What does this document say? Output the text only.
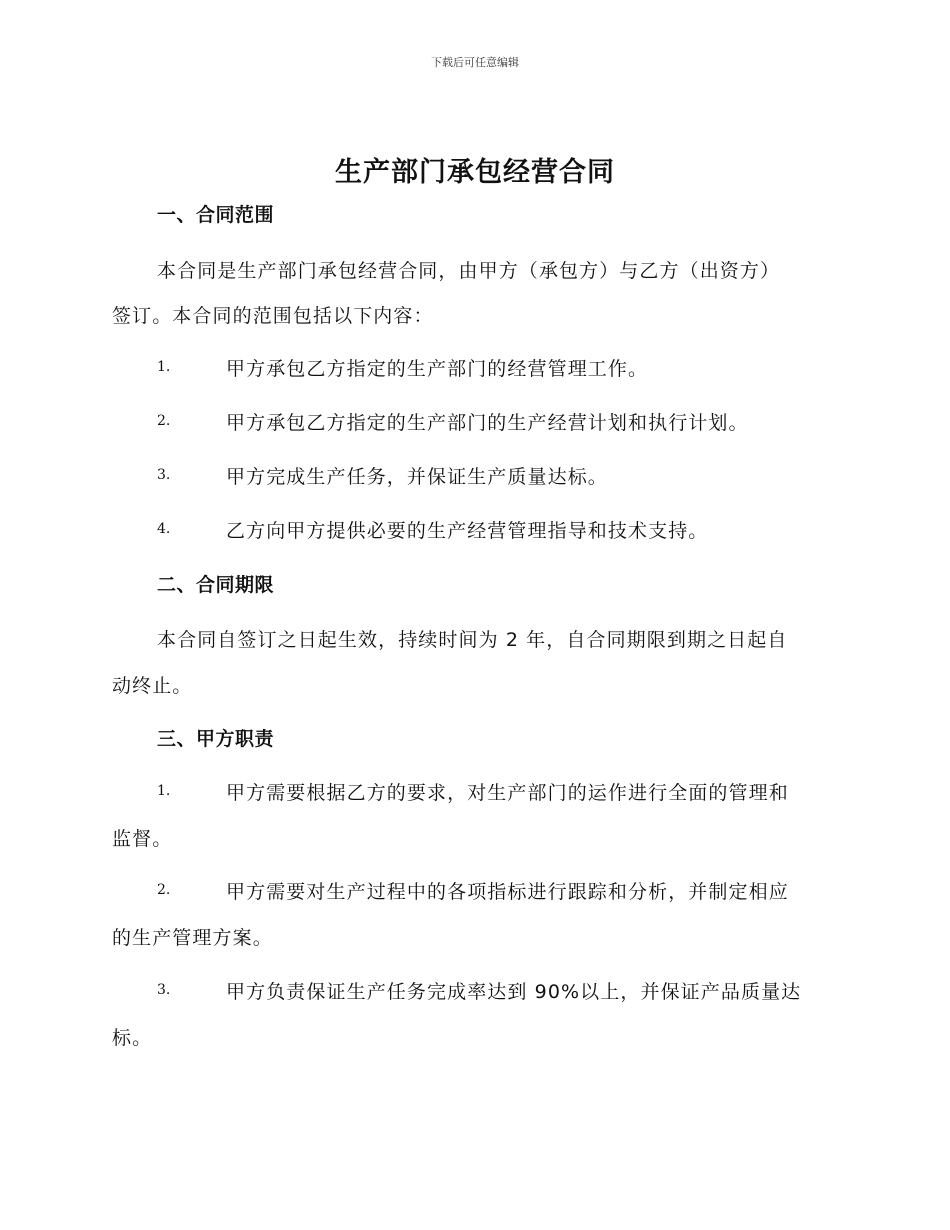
下载后可任意编辑
生产部门承包经营合同
一、合同范围
本合同是生产部门承包经营合同，由甲方（承包方）与乙方（出资方）
签订。本合同的范围包括以下内容：
1.	甲方承包乙方指定的生产部门的经营管理工作。
2.	甲方承包乙方指定的生产部门的生产经营计划和执行计划。
3.	甲方完成生产任务，并保证生产质量达标。
4.	乙方向甲方提供必要的生产经营管理指导和技术支持。
二、合同期限
本合同自签订之日起生效，持续时间为 2 年，自合同期限到期之日起自
动终止。
三、甲方职责
1.	甲方需要根据乙方的要求，对生产部门的运作进行全面的管理和
监督。
2.	甲方需要对生产过程中的各项指标进行跟踪和分析，并制定相应
的生产管理方案。
3.	甲方负责保证生产任务完成率达到 90%以上，并保证产品质量达
标。
